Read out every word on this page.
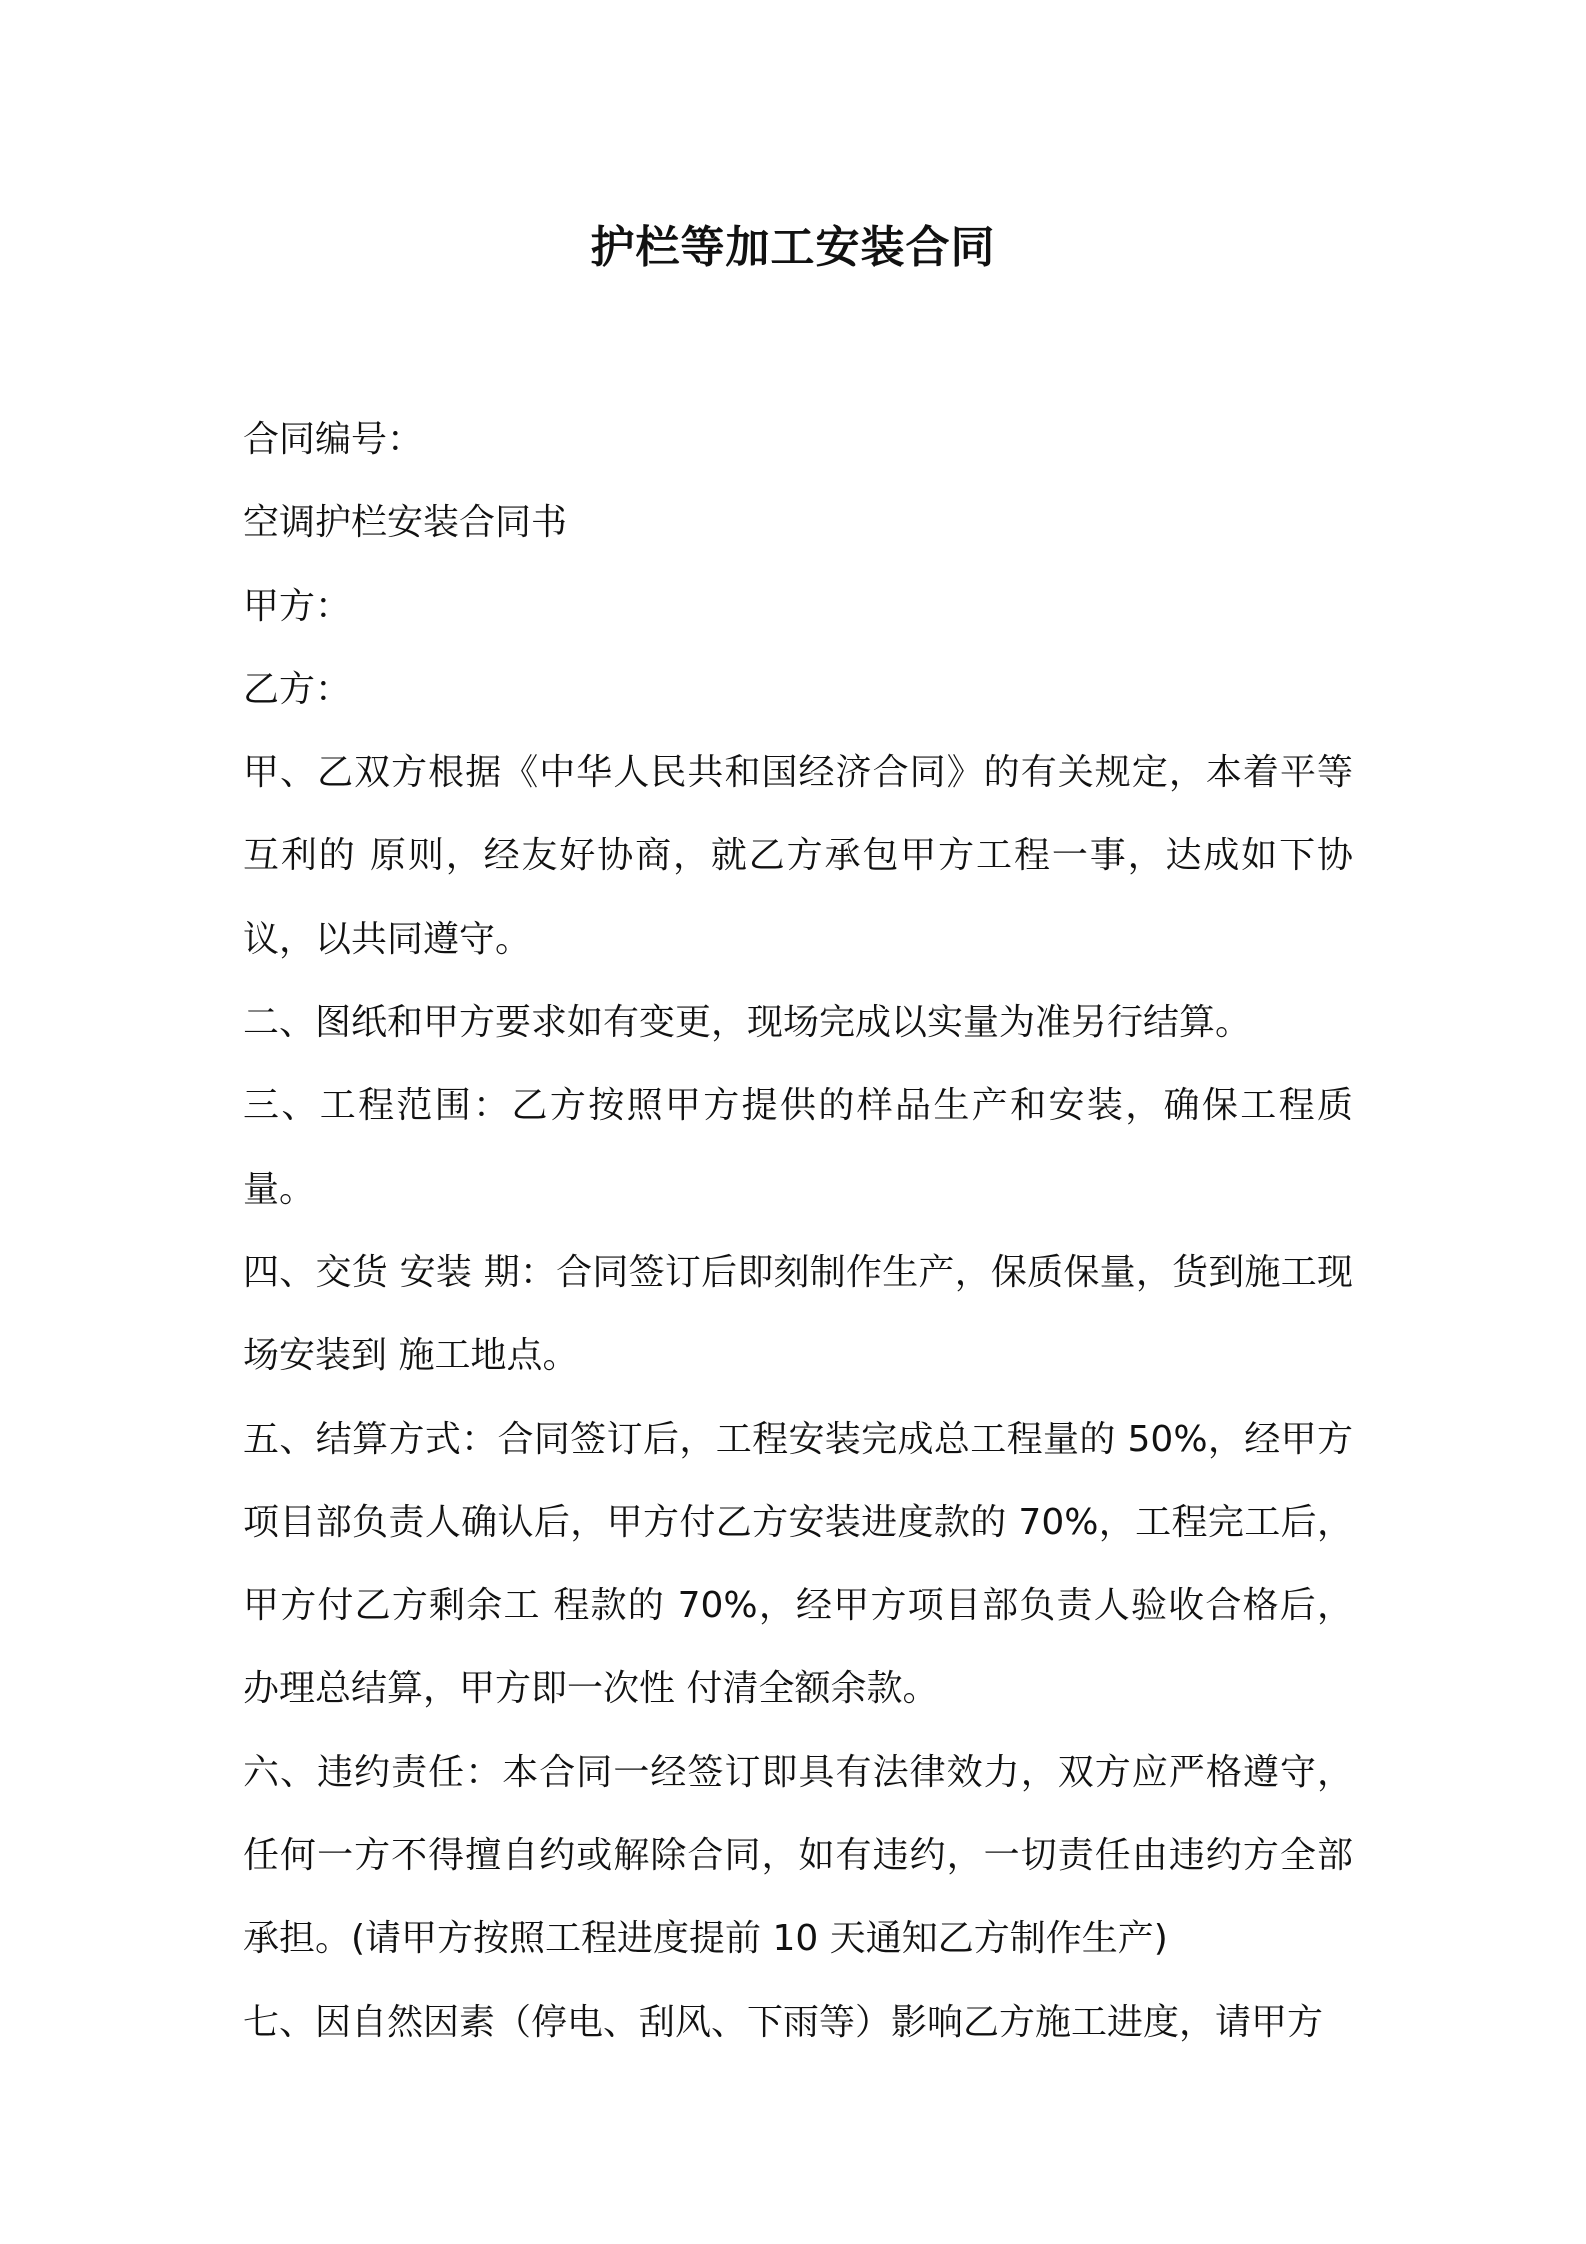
护栏等加工安装合同

合同编号：

空调护栏安装合同书

甲方：

乙方：

甲、乙双方根据《中华人民共和国经济合同》的有关规定，本着平等互利的 原则，经友好协商，就乙方承包甲方工程一事，达成如下协议，以共同遵守。

二、图纸和甲方要求如有变更，现场完成以实量为准另行结算。

三、工程范围：乙方按照甲方提供的样品生产和安装，确保工程质量。

四、交货 安装 期：合同签订后即刻制作生产，保质保量，货到施工现场安装到 施工地点。

五、结算方式：合同签订后，工程安装完成总工程量的 50%，经甲方项目部负责人确认后，甲方付乙方安装进度款的 70%，工程完工后，甲方付乙方剩余工 程款的 70%，经甲方项目部负责人验收合格后，办理总结算，甲方即一次性 付清全额余款。

六、违约责任：本合同一经签订即具有法律效力，双方应严格遵守，任何一方不得擅自约或解除合同，如有违约，一切责任由违约方全部承担。(请甲方按照工程进度提前 10 天通知乙方制作生产)

七、因自然因素（停电、刮风、下雨等）影响乙方施工进度，请甲方
